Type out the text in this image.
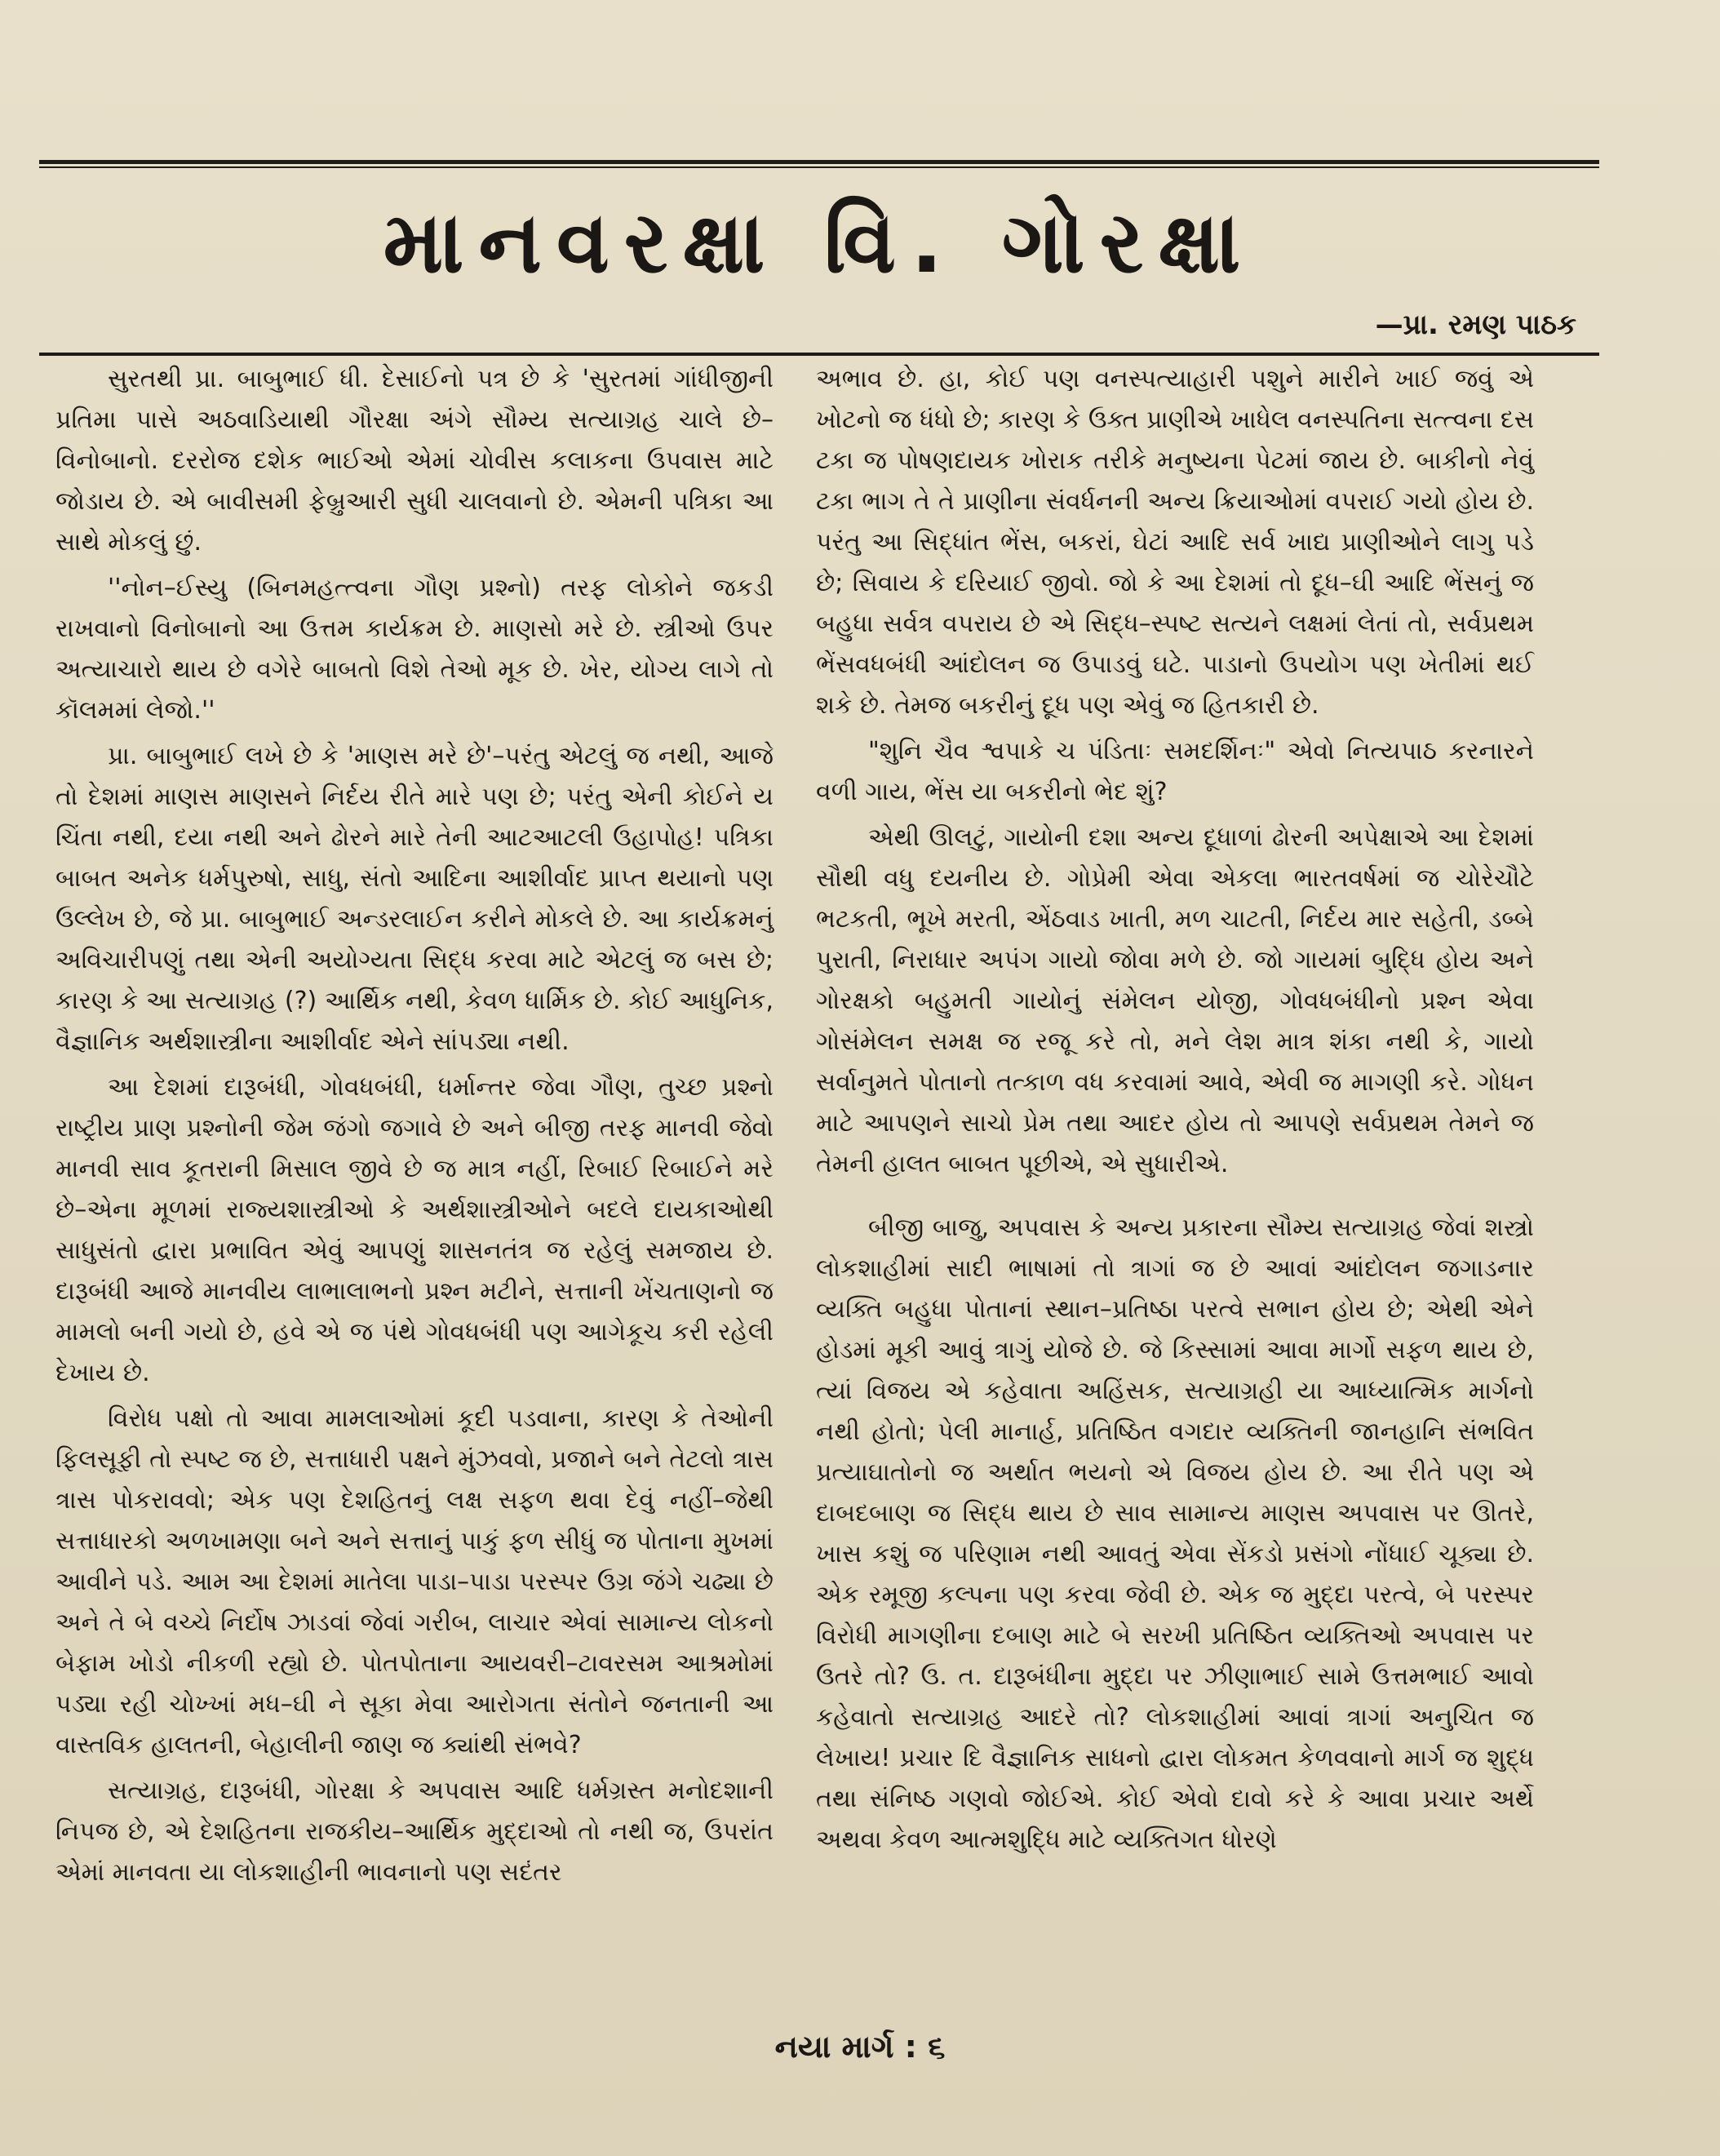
માનવરક્ષા વિ. ગોરક્ષા
—પ્રા. રમણ પાઠક

સુરતથી પ્રા. બાબુભાઈ ધી. દેસાઈનો પત્ર છે કે 'સુરતમાં ગાંધીજીની પ્રતિમા પાસે અઠવાડિયાથી ગૌરક્ષા અંગે સૌમ્ય સત્યાગ્રહ ચાલે છે–વિનોબાનો. દરરોજ દશેક ભાઈઓ એમાં ચોવીસ કલાકના ઉપવાસ માટે જોડાય છે. એ બાવીસમી ફેબ્રુઆરી સુધી ચાલવાનો છે. એમની પત્રિકા આ સાથે મોકલું છું.

''નોન–ઈસ્યુ (બિનમહત્ત્વના ગૌણ પ્રશ્નો) તરફ લોકોને જકડી રાખવાનો વિનોબાનો આ ઉત્તમ કાર્યક્રમ છે. માણસો મરે છે. સ્ત્રીઓ ઉપર અત્યાચારો થાય છે વગેરે બાબતો વિશે તેઓ મૂક છે. ખેર, યોગ્ય લાગે તો કૉલમમાં લેજો.''

પ્રા. બાબુભાઈ લખે છે કે 'માણસ મરે છે'–પરંતુ એટલું જ નથી, આજે તો દેશમાં માણસ માણસને નિર્દય રીતે મારે પણ છે; પરંતુ એની કોઈને ય ચિંતા નથી, દયા નથી અને ઢોરને મારે તેની આટઆટલી ઉહાપોહ! પત્રિકા બાબત અનેક ધર્મપુરુષો, સાધુ, સંતો આદિના આશીર્વાદ પ્રાપ્ત થયાનો પણ ઉલ્લેખ છે, જે પ્રા. બાબુભાઈ અન્ડરલાઈન કરીને મોકલે છે. આ કાર્યક્રમનું અવિચારીપણું તથા એની અયોગ્યતા સિદ્ધ કરવા માટે એટલું જ બસ છે; કારણ કે આ સત્યાગ્રહ (?) આર્થિક નથી, કેવળ ધાર્મિક છે. કોઈ આધુનિક, વૈજ્ઞાનિક અર્થશાસ્ત્રીના આશીર્વાદ એને સાંપડ્યા નથી.

આ દેશમાં દારૂબંધી, ગોવધબંધી, ધર્માન્તર જેવા ગૌણ, તુચ્છ પ્રશ્નો રાષ્ટ્રીય પ્રાણ પ્રશ્નોની જેમ જંગો જગાવે છે અને બીજી તરફ માનવી જેવો માનવી સાવ કૂતરાની મિસાલ જીવે છે જ માત્ર નહીં, રિબાઈ રિબાઈને મરે છે–એના મૂળમાં રાજ્યશાસ્ત્રીઓ કે અર્થશાસ્ત્રીઓને બદલે દાયકાઓથી સાધુસંતો દ્વારા પ્રભાવિત એવું આપણું શાસનતંત્ર જ રહેલું સમજાય છે. દારૂબંધી આજે માનવીય લાભાલાભનો પ્રશ્ન મટીને, સત્તાની ખેંચતાણનો જ મામલો બની ગયો છે, હવે એ જ પંથે ગોવધબંધી પણ આગેકૂચ કરી રહેલી દેખાય છે.

વિરોધ પક્ષો તો આવા મામલાઓમાં કૂદી પડવાના, કારણ કે તેઓની ફિલસૂફી તો સ્પષ્ટ જ છે, સત્તાધારી પક્ષને મુંઝવવો, પ્રજાને બને તેટલો ત્રાસ ત્રાસ પોકરાવવો; એક પણ દેશહિતનું લક્ષ સફળ થવા દેવું નહીં–જેથી સત્તાધારકો અળખામણા બને અને સત્તાનું પાકું ફળ સીધું જ પોતાના મુખમાં આવીને પડે. આમ આ દેશમાં માતેલા પાડા–પાડા પરસ્પર ઉગ્ર જંગે ચઢ્યા છે અને તે બે વચ્ચે નિર્દોષ ઝાડવાં જેવાં ગરીબ, લાચાર એવાં સામાન્ય લોકનો બેફામ ખોડો નીકળી રહ્યો છે. પોતપોતાના આયવરી–ટાવરસમ આશ્રમોમાં પડ્યા રહી ચોખ્ખાં મધ–ઘી ને સૂકા મેવા આરોગતા સંતોને જનતાની આ વાસ્તવિક હાલતની, બેહાલીની જાણ જ ક્યાંથી સંભવે?

સત્યાગ્રહ, દારૂબંધી, ગોરક્ષા કે અપવાસ આદિ ધર્મગ્રસ્ત મનોદશાની નિપજ છે, એ દેશહિતના રાજકીય–આર્થિક મુદ્દાઓ તો નથી જ, ઉપરાંત એમાં માનવતા યા લોકશાહીની ભાવનાનો પણ સદંતર

અભાવ છે. હા, કોઈ પણ વનસ્પત્યાહારી પશુને મારીને ખાઈ જવું એ ખોટનો જ ધંધો છે; કારણ કે ઉક્ત પ્રાણીએ ખાધેલ વનસ્પતિના સત્ત્વના દસ ટકા જ પોષણદાયક ખોરાક તરીકે મનુષ્યના પેટમાં જાય છે. બાકીનો નેવું ટકા ભાગ તે તે પ્રાણીના સંવર્ધનની અન્ય ક્રિયાઓમાં વપરાઈ ગયો હોય છે. પરંતુ આ સિદ્ધાંત ભેંસ, બકરાં, ઘેટાં આદિ સર્વ ખાદ્ય પ્રાણીઓને લાગુ પડે છે; સિવાય કે દરિયાઈ જીવો. જો કે આ દેશમાં તો દૂધ–ઘી આદિ ભેંસનું જ બહુધા સર્વત્ર વપરાય છે એ સિદ્ધ–સ્પષ્ટ સત્યને લક્ષમાં લેતાં તો, સર્વપ્રથમ ભેંસવધબંધી આંદોલન જ ઉપાડવું ઘટે. પાડાનો ઉપયોગ પણ ખેતીમાં થઈ શકે છે. તેમજ બકરીનું દૂધ પણ એવું જ હિતકારી છે.

"શુનિ ચૈવ શ્વપાકે ચ પંડિતાઃ સમદર્શિનઃ" એવો નિત્યપાઠ કરનારને વળી ગાય, ભેંસ યા બકરીનો ભેદ શું?

એથી ઊલટું, ગાયોની દશા અન્ય દૂધાળાં ઢોરની અપેક્ષાએ આ દેશમાં સૌથી વધુ દયનીય છે. ગોપ્રેમી એવા એકલા ભારતવર્ષમાં જ ચોરેચૌટે ભટકતી, ભૂખે મરતી, એંઠવાડ ખાતી, મળ ચાટતી, નિર્દય માર સહેતી, ડબ્બે પુરાતી, નિરાધાર અપંગ ગાયો જોવા મળે છે. જો ગાયમાં બુદ્ધિ હોય અને ગોરક્ષકો બહુમતી ગાયોનું સંમેલન યોજી, ગોવધબંધીનો પ્રશ્ન એવા ગોસંમેલન સમક્ષ જ રજૂ કરે તો, મને લેશ માત્ર શંકા નથી કે, ગાયો સર્વાનુમતે પોતાનો તત્કાળ વધ કરવામાં આવે, એવી જ માગણી કરે. ગોધન માટે આપણને સાચો પ્રેમ તથા આદર હોય તો આપણે સર્વપ્રથમ તેમને જ તેમની હાલત બાબત પૂછીએ, એ સુધારીએ.

બીજી બાજુ, અપવાસ કે અન્ય પ્રકારના સૌમ્ય સત્યાગ્રહ જેવાં શસ્ત્રો લોકશાહીમાં સાદી ભાષામાં તો ત્રાગાં જ છે આવાં આંદોલન જગાડનાર વ્યક્તિ બહુધા પોતાનાં સ્થાન–પ્રતિષ્ઠા પરત્વે સભાન હોય છે; એથી એને હોડમાં મૂકી આવું ત્રાગું યોજે છે. જે કિસ્સામાં આવા માર્ગો સફળ થાય છે, ત્યાં વિજય એ કહેવાતા અહિંસક, સત્યાગ્રહી યા આધ્યાત્મિક માર્ગનો નથી હોતો; પેલી માનાર્હ, પ્રતિષ્ઠિત વગદાર વ્યક્તિની જાનહાનિ સંભવિત પ્રત્યાઘાતોનો જ અર્થાત ભયનો એ વિજય હોય છે. આ રીતે પણ એ દાબદબાણ જ સિદ્ધ થાય છે સાવ સામાન્ય માણસ અપવાસ પર ઊતરે, ખાસ કશું જ પરિણામ નથી આવતું એવા સેંકડો પ્રસંગો નોંધાઈ ચૂક્યા છે. એક રમૂજી કલ્પના પણ કરવા જેવી છે. એક જ મુદ્દા પરત્વે, બે પરસ્પર વિરોધી માગણીના દબાણ માટે બે સરખી પ્રતિષ્ઠિત વ્યક્તિઓ અપવાસ પર ઉતરે તો? ઉ. ત. દારૂબંધીના મુદ્દા પર ઝીણાભાઈ સામે ઉત્તમભાઈ આવો કહેવાતો સત્યાગ્રહ આદરે તો? લોકશાહીમાં આવાં ત્રાગાં અનુચિત જ લેખાય! પ્રચાર દિ વૈજ્ઞાનિક સાધનો દ્વારા લોકમત કેળવવાનો માર્ગ જ શુદ્ધ તથા સંનિષ્ઠ ગણવો જોઈએ. કોઈ એવો દાવો કરે કે આવા પ્રચાર અર્થે અથવા કેવળ આત્મશુદ્ધિ માટે વ્યક્તિગત ધોરણે

નયા માર્ગ : ૬
